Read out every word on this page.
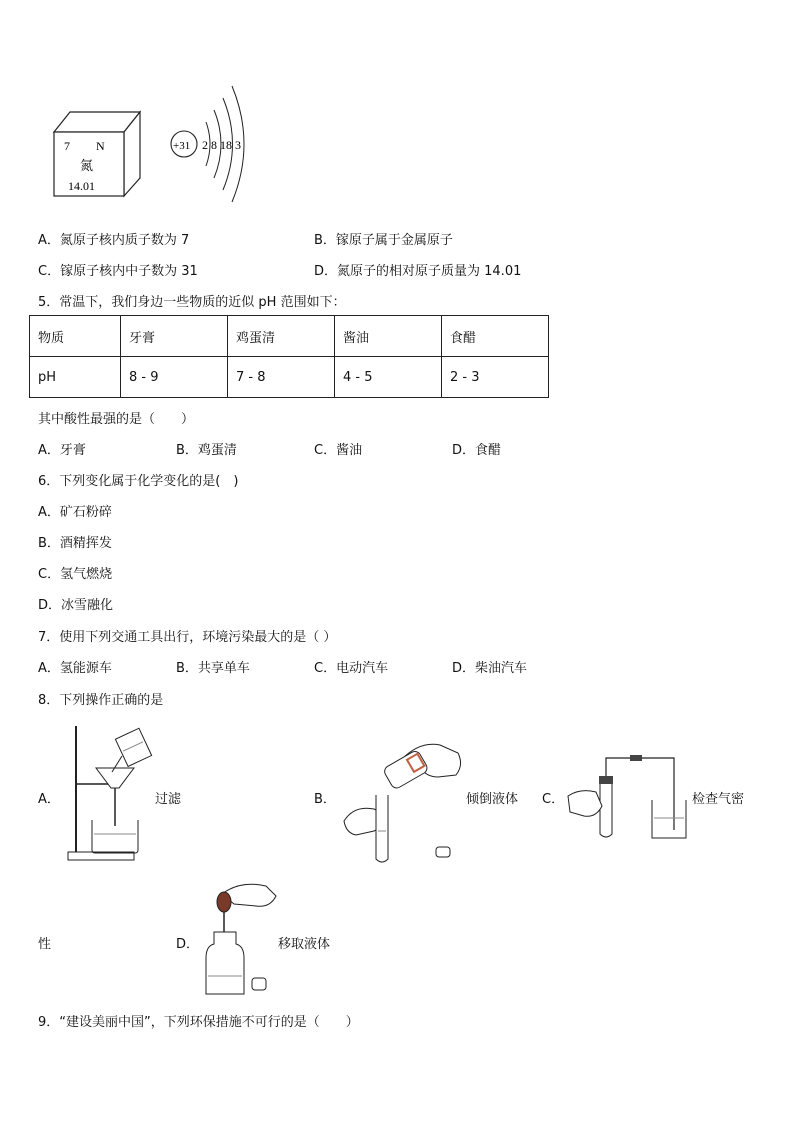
7 N
氮
14.01
+31 2 8 18 3
A．氮原子核内质子数为 7	B．镓原子属于金属原子
C．镓原子核内中子数为 31	D．氮原子的相对原子质量为 14.01
5．常温下，我们身边一些物质的近似 pH 范围如下：
物质	牙膏	鸡蛋清	酱油	食醋
pH	8 - 9	7 - 8	4 - 5	2 - 3
其中酸性最强的是（　　）
A．牙膏	B．鸡蛋清	C．酱油	D．食醋
6．下列变化属于化学变化的是(　)
A．矿石粉碎
B．酒精挥发
C．氢气燃烧
D．冰雪融化
7．使用下列交通工具出行，环境污染最大的是（ ）
A．氢能源车	B．共享单车	C．电动汽车	D．柴油汽车
8．下列操作正确的是
A．	过滤	B．	倾倒液体 C．	检查气密
性	D．	移取液体
9．“建设美丽中国”，下列环保措施不可行的是（　　）
